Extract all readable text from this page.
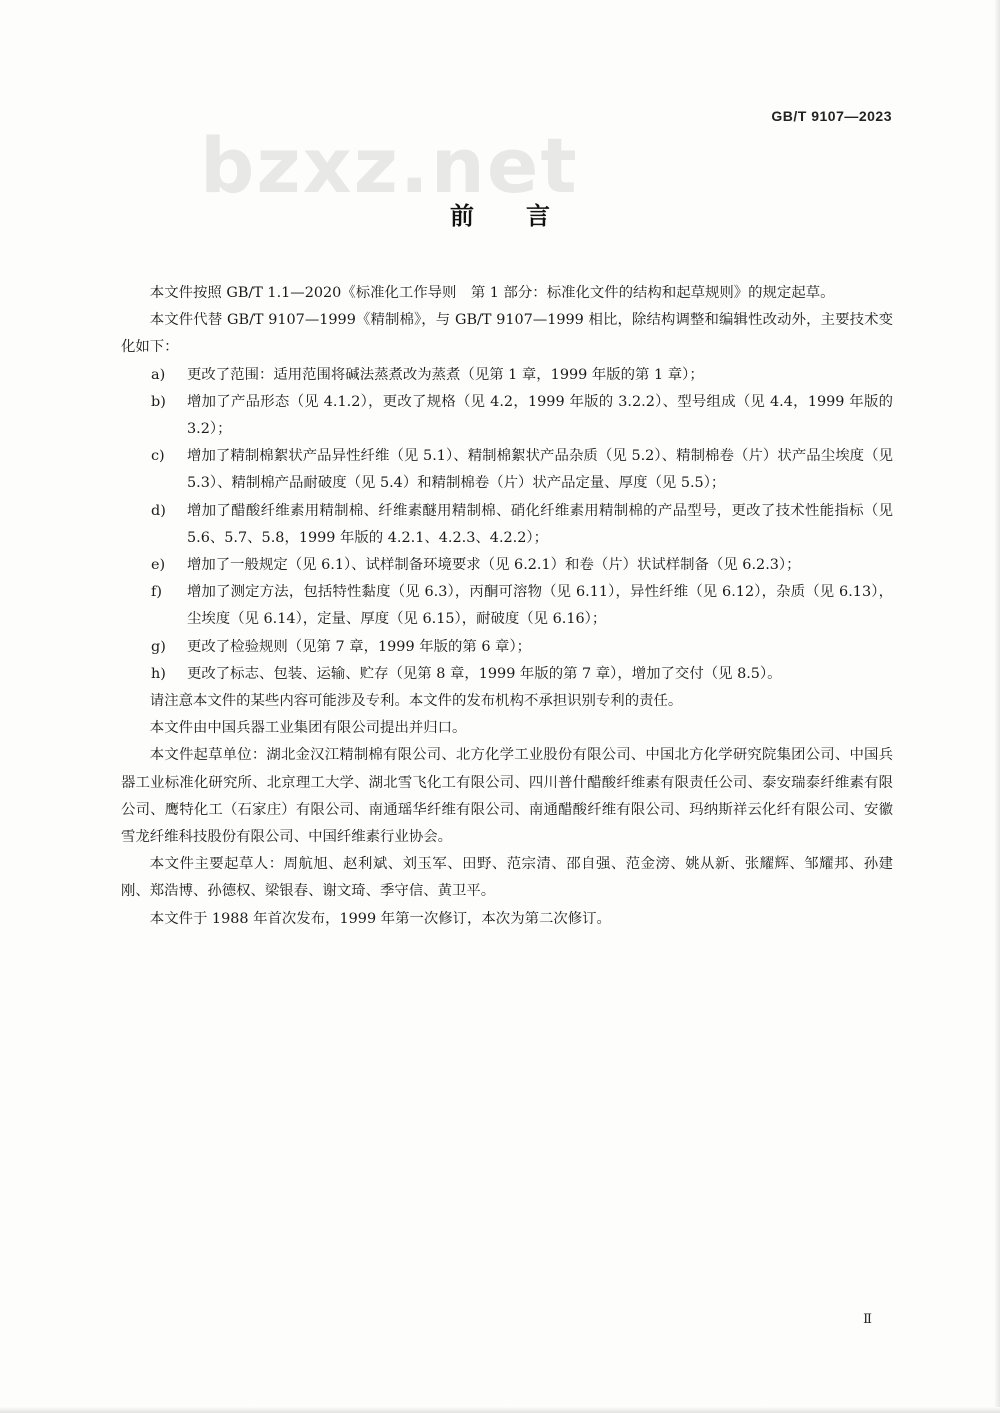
GB/T 9107—2023
bzxz.net
前言

本文件按照 GB/T 1.1—2020《标准化工作导则　第 1 部分：标准化文件的结构和起草规则》的规定起草。

本文件代替 GB/T 9107—1999《精制棉》，与 GB/T 9107—1999 相比，除结构调整和编辑性改动外，主要技术变化如下：

a)	更改了范围：适用范围将碱法蒸煮改为蒸煮（见第 1 章，1999 年版的第 1 章）；
b)	增加了产品形态（见 4.1.2），更改了规格（见 4.2，1999 年版的 3.2.2）、型号组成（见 4.4，1999 年版的 3.2）；
c)	增加了精制棉絮状产品异性纤维（见 5.1）、精制棉絮状产品杂质（见 5.2）、精制棉卷（片）状产品尘埃度（见 5.3）、精制棉产品耐破度（见 5.4）和精制棉卷（片）状产品定量、厚度（见 5.5）；
d)	增加了醋酸纤维素用精制棉、纤维素醚用精制棉、硝化纤维素用精制棉的产品型号，更改了技术性能指标（见 5.6、5.7、5.8，1999 年版的 4.2.1、4.2.3、4.2.2）；
e)	增加了一般规定（见 6.1）、试样制备环境要求（见 6.2.1）和卷（片）状试样制备（见 6.2.3）；
f)	增加了测定方法，包括特性黏度（见 6.3），丙酮可溶物（见 6.11），异性纤维（见 6.12），杂质（见 6.13），尘埃度（见 6.14），定量、厚度（见 6.15），耐破度（见 6.16）；
g)	更改了检验规则（见第 7 章，1999 年版的第 6 章）；
h)	更改了标志、包装、运输、贮存（见第 8 章，1999 年版的第 7 章），增加了交付（见 8.5）。

请注意本文件的某些内容可能涉及专利。本文件的发布机构不承担识别专利的责任。

本文件由中国兵器工业集团有限公司提出并归口。

本文件起草单位：湖北金汉江精制棉有限公司、北方化学工业股份有限公司、中国北方化学研究院集团公司、中国兵器工业标准化研究所、北京理工大学、湖北雪飞化工有限公司、四川普什醋酸纤维素有限责任公司、泰安瑞泰纤维素有限公司、鹰特化工（石家庄）有限公司、南通瑶华纤维有限公司、南通醋酸纤维有限公司、玛纳斯祥云化纤有限公司、安徽雪龙纤维科技股份有限公司、中国纤维素行业协会。

本文件主要起草人：周航旭、赵利斌、刘玉军、田野、范宗清、邵自强、范金滂、姚从新、张耀辉、邹耀邦、孙建刚、郑浩博、孙德权、梁银春、谢文琦、季守信、黄卫平。

本文件于 1988 年首次发布，1999 年第一次修订，本次为第二次修订。

Ⅱ
